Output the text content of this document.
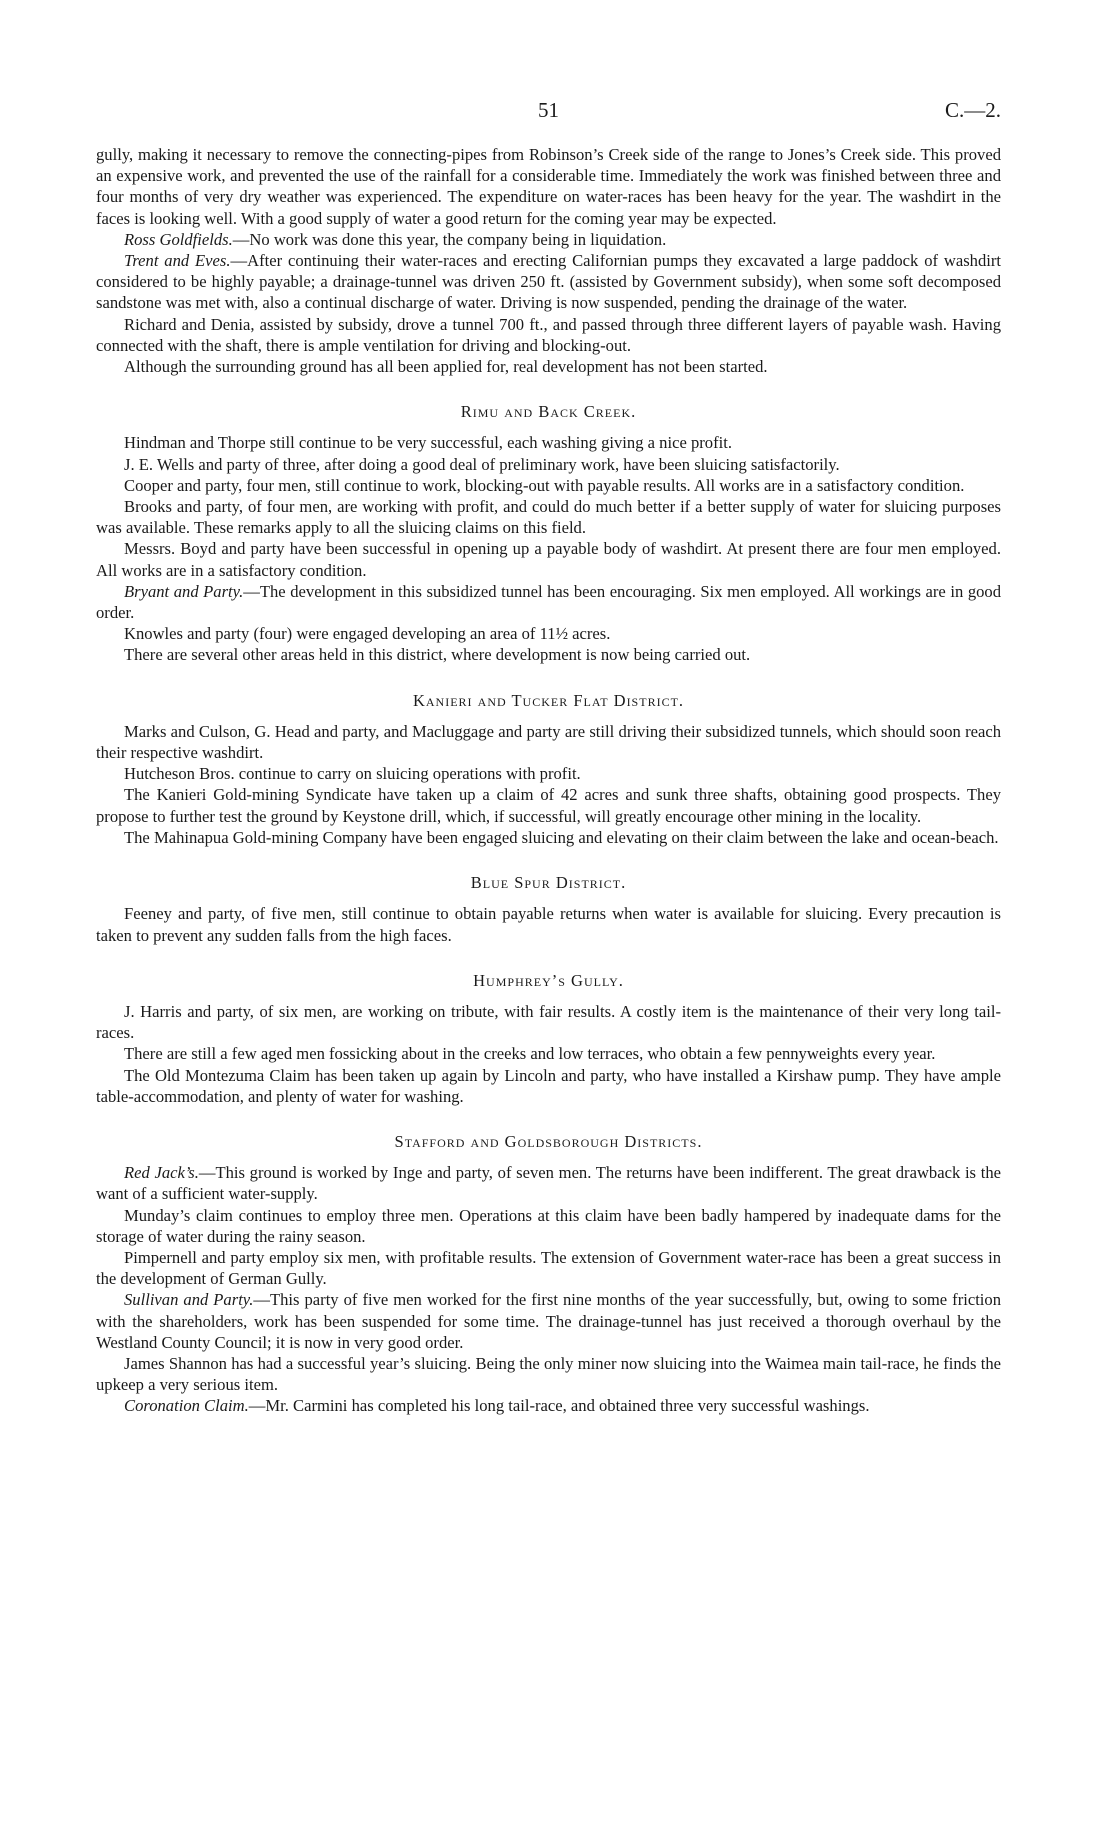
51	C.—2.

gully, making it necessary to remove the connecting-pipes from Robinson’s Creek side of the range to Jones’s Creek side. This proved an expensive work, and prevented the use of the rainfall for a considerable time. Immediately the work was finished between three and four months of very dry weather was experienced. The expenditure on water-races has been heavy for the year. The washdirt in the faces is looking well. With a good supply of water a good return for the coming year may be expected.

Ross Goldfields.—No work was done this year, the company being in liquidation.

Trent and Eves.—After continuing their water-races and erecting Californian pumps they excavated a large paddock of washdirt considered to be highly payable; a drainage-tunnel was driven 250 ft. (assisted by Government subsidy), when some soft decomposed sandstone was met with, also a continual discharge of water. Driving is now suspended, pending the drainage of the water.

Richard and Denia, assisted by subsidy, drove a tunnel 700 ft., and passed through three different layers of payable wash. Having connected with the shaft, there is ample ventilation for driving and blocking-out.

Although the surrounding ground has all been applied for, real development has not been started.

Rimu and Back Creek.

Hindman and Thorpe still continue to be very successful, each washing giving a nice profit.

J. E. Wells and party of three, after doing a good deal of preliminary work, have been sluicing satisfactorily.

Cooper and party, four men, still continue to work, blocking-out with payable results. All works are in a satisfactory condition.

Brooks and party, of four men, are working with profit, and could do much better if a better supply of water for sluicing purposes was available. These remarks apply to all the sluicing claims on this field.

Messrs. Boyd and party have been successful in opening up a payable body of washdirt. At present there are four men employed. All works are in a satisfactory condition.

Bryant and Party.—The development in this subsidized tunnel has been encouraging. Six men employed. All workings are in good order.

Knowles and party (four) were engaged developing an area of 11½ acres.

There are several other areas held in this district, where development is now being carried out.

Kanieri and Tucker Flat District.

Marks and Culson, G. Head and party, and Macluggage and party are still driving their subsidized tunnels, which should soon reach their respective washdirt.

Hutcheson Bros. continue to carry on sluicing operations with profit.

The Kanieri Gold-mining Syndicate have taken up a claim of 42 acres and sunk three shafts, obtaining good prospects. They propose to further test the ground by Keystone drill, which, if successful, will greatly encourage other mining in the locality.

The Mahinapua Gold-mining Company have been engaged sluicing and elevating on their claim between the lake and ocean-beach.

Blue Spur District.

Feeney and party, of five men, still continue to obtain payable returns when water is available for sluicing. Every precaution is taken to prevent any sudden falls from the high faces.

Humphrey’s Gully.

J. Harris and party, of six men, are working on tribute, with fair results. A costly item is the maintenance of their very long tail-races.

There are still a few aged men fossicking about in the creeks and low terraces, who obtain a few pennyweights every year.

The Old Montezuma Claim has been taken up again by Lincoln and party, who have installed a Kirshaw pump. They have ample table-accommodation, and plenty of water for washing.

Stafford and Goldsborough Districts.

Red Jack’s.—This ground is worked by Inge and party, of seven men. The returns have been indifferent. The great drawback is the want of a sufficient water-supply.

Munday’s claim continues to employ three men. Operations at this claim have been badly hampered by inadequate dams for the storage of water during the rainy season.

Pimpernell and party employ six men, with profitable results. The extension of Government water-race has been a great success in the development of German Gully.

Sullivan and Party.—This party of five men worked for the first nine months of the year successfully, but, owing to some friction with the shareholders, work has been suspended for some time. The drainage-tunnel has just received a thorough overhaul by the Westland County Council; it is now in very good order.

James Shannon has had a successful year’s sluicing. Being the only miner now sluicing into the Waimea main tail-race, he finds the upkeep a very serious item.

Coronation Claim.—Mr. Carmini has completed his long tail-race, and obtained three very successful washings.
